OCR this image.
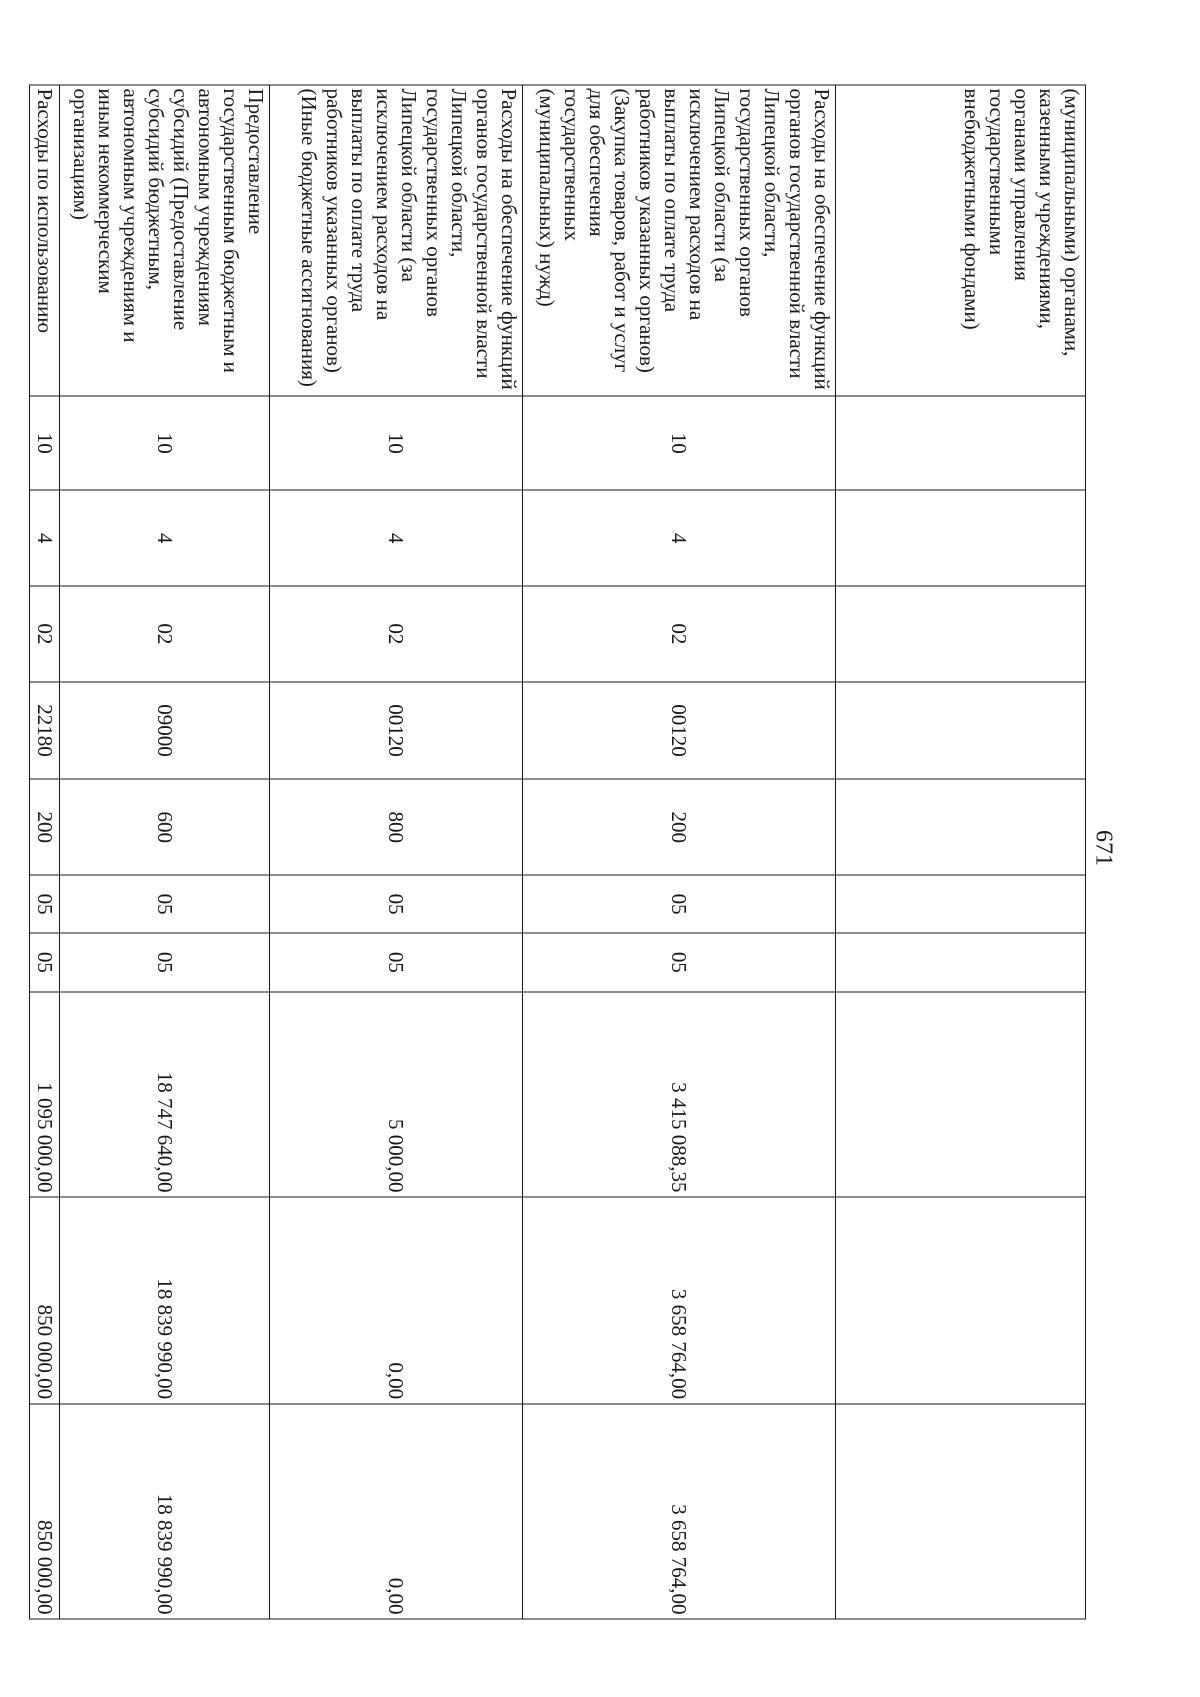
671
(муниципальными) органами, казенными учреждениями, органами управления государственными внебюджетными фондами)										
Расходы на обеспечение функций органов государственной власти Липецкой области, государственных органов Липецкой области (за исключением расходов на выплаты по оплате труда работников указанных органов) (Закупка товаров, работ и услуг для обеспечения государственных (муниципальных) нужд)	10	4	02	00120	200	05	05	3 415 088,35	3 658 764,00	3 658 764,00
Расходы на обеспечение функций органов государственной власти Липецкой области, государственных органов Липецкой области (за исключением расходов на выплаты по оплате труда работников указанных органов) (Иные бюджетные ассигнования)	10	4	02	00120	800	05	05	5 000,00	0,00	0,00
Предоставление государственным бюджетным и автономным учреждениям субсидий (Предоставление субсидий бюджетным, автономным учреждениям и иным некоммерческим организациям)	10	4	02	09000	600	05	05	18 747 640,00	18 839 990,00	18 839 990,00
Расходы по использованию	10	4	02	22180	200	05	05	1 095 000,00	850 000,00	850 000,00
